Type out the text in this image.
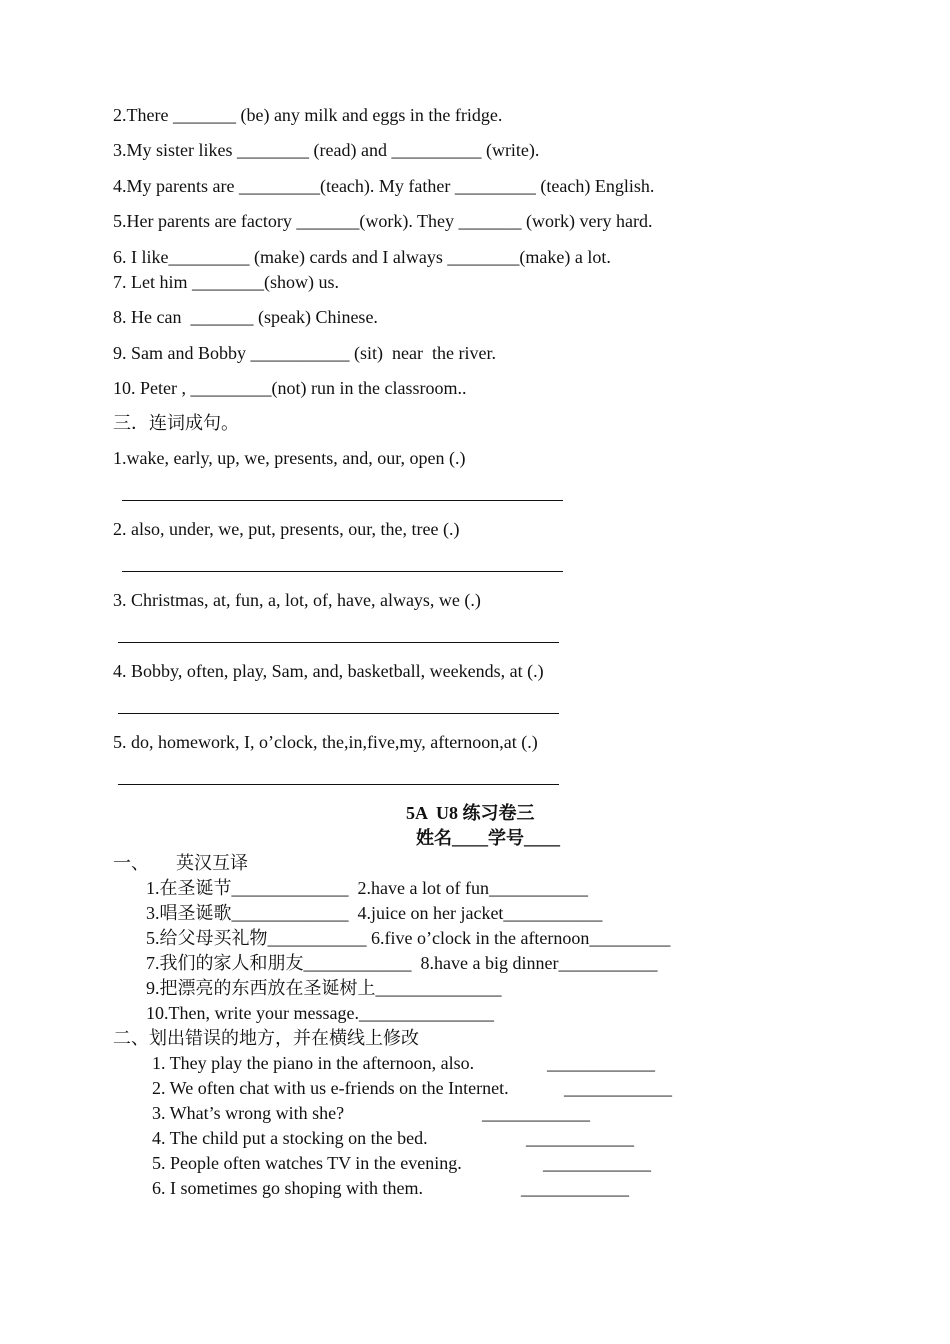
2.There _______ (be) any milk and eggs in the fridge.
3.My sister likes ________ (read) and __________ (write).
4.My parents are _________(teach). My father _________ (teach) English.
5.Her parents are factory _______(work). They _______ (work) very hard.
6. I like_________ (make) cards and I always ________(make) a lot.
7. Let him ________(show) us.
8. He can  _______ (speak) Chinese.
9. Sam and Bobby ___________ (sit)  near  the river.
10. Peter , _________(not) run in the classroom..
三．连词成句。
1.wake, early, up, we, presents, and, our, open (.)
2. also, under, we, put, presents, our, the, tree (.)
3. Christmas, at, fun, a, lot, of, have, always, we (.)
4. Bobby, often, play, Sam, and, basketball, weekends, at (.)
5. do, homework, I, o’clock, the,in,five,my, afternoon,at (.)
5A  U8 练习卷三
姓名____学号____
一、      英汉互译
1.在圣诞节_____________  2.have a lot of fun___________
3.唱圣诞歌_____________  4.juice on her jacket___________
5.给父母买礼物___________ 6.five o’clock in the afternoon_________
7.我们的家人和朋友____________  8.have a big dinner___________
9.把漂亮的东西放在圣诞树上______________
10.Then, write your message._______________
二、划出错误的地方，并在横线上修改
1. They play the piano in the afternoon, also.	____________
2. We often chat with us e-friends on the Internet.	____________
3. What’s wrong with she?	____________
4. The child put a stocking on the bed.	____________
5. People often watches TV in the evening.	____________
6. I sometimes go shoping with them.	____________
